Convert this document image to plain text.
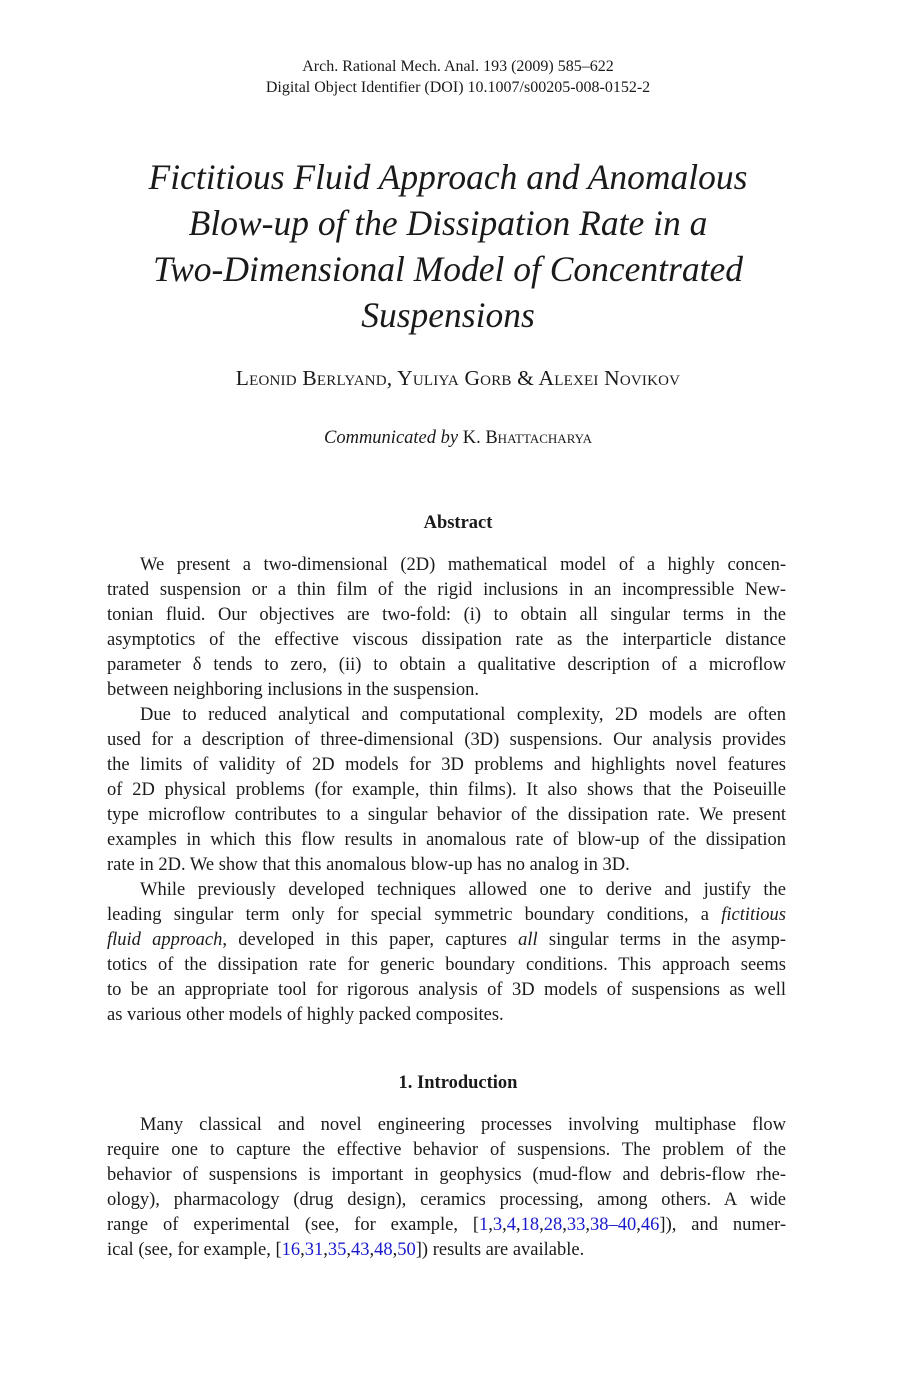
Arch. Rational Mech. Anal. 193 (2009) 585–622
Digital Object Identifier (DOI) 10.1007/s00205-008-0152-2
Fictitious Fluid Approach and Anomalous
Blow-up of the Dissipation Rate in a
Two-Dimensional Model of Concentrated
Suspensions
Leonid Berlyand, Yuliya Gorb & Alexei Novikov
Communicated by K. Bhattacharya
Abstract
We present a two-dimensional (2D) mathematical model of a highly concen-
trated suspension or a thin film of the rigid inclusions in an incompressible New-
tonian fluid. Our objectives are two-fold: (i) to obtain all singular terms in the
asymptotics of the effective viscous dissipation rate as the interparticle distance
parameter δ tends to zero, (ii) to obtain a qualitative description of a microflow
between neighboring inclusions in the suspension.
Due to reduced analytical and computational complexity, 2D models are often
used for a description of three-dimensional (3D) suspensions. Our analysis provides
the limits of validity of 2D models for 3D problems and highlights novel features
of 2D physical problems (for example, thin films). It also shows that the Poiseuille
type microflow contributes to a singular behavior of the dissipation rate. We present
examples in which this flow results in anomalous rate of blow-up of the dissipation
rate in 2D. We show that this anomalous blow-up has no analog in 3D.
While previously developed techniques allowed one to derive and justify the
leading singular term only for special symmetric boundary conditions, a fictitious
fluid approach, developed in this paper, captures all singular terms in the asymp-
totics of the dissipation rate for generic boundary conditions. This approach seems
to be an appropriate tool for rigorous analysis of 3D models of suspensions as well
as various other models of highly packed composites.
1. Introduction
Many classical and novel engineering processes involving multiphase flow
require one to capture the effective behavior of suspensions. The problem of the
behavior of suspensions is important in geophysics (mud-flow and debris-flow rhe-
ology), pharmacology (drug design), ceramics processing, among others. A wide
range of experimental (see, for example, [1,3,4,18,28,33,38–40,46]), and numer-
ical (see, for example, [16,31,35,43,48,50]) results are available.
